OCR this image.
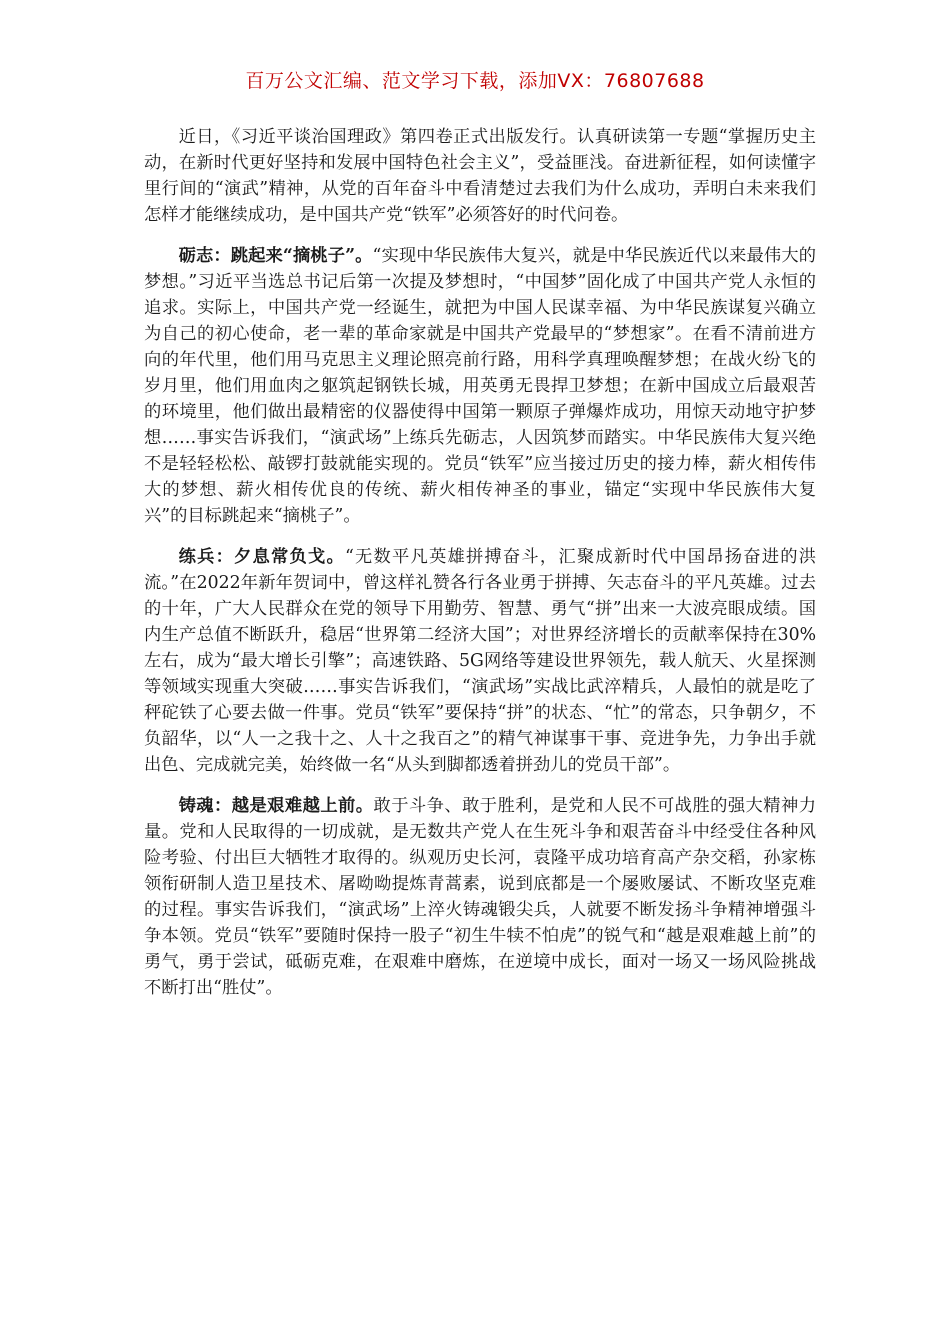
百万公文汇编、范文学习下载，添加VX：76807688

近日，《习近平谈治国理政》第四卷正式出版发行。认真研读第一专题“掌握历史主动，在新时代更好坚持和发展中国特色社会主义”，受益匪浅。奋进新征程，如何读懂字里行间的“演武”精神，从党的百年奋斗中看清楚过去我们为什么成功，弄明白未来我们怎样才能继续成功，是中国共产党“铁军”必须答好的时代问卷。

砺志：跳起来“摘桃子”。“实现中华民族伟大复兴，就是中华民族近代以来最伟大的梦想。”习近平当选总书记后第一次提及梦想时，“中国梦”固化成了中国共产党人永恒的追求。实际上，中国共产党一经诞生，就把为中国人民谋幸福、为中华民族谋复兴确立为自己的初心使命，老一辈的革命家就是中国共产党最早的“梦想家”。在看不清前进方向的年代里，他们用马克思主义理论照亮前行路，用科学真理唤醒梦想；在战火纷飞的岁月里，他们用血肉之躯筑起钢铁长城，用英勇无畏捍卫梦想；在新中国成立后最艰苦的环境里，他们做出最精密的仪器使得中国第一颗原子弹爆炸成功，用惊天动地守护梦想……事实告诉我们，“演武场”上练兵先砺志，人因筑梦而踏实。中华民族伟大复兴绝不是轻轻松松、敲锣打鼓就能实现的。党员“铁军”应当接过历史的接力棒，薪火相传伟大的梦想、薪火相传优良的传统、薪火相传神圣的事业，锚定“实现中华民族伟大复兴”的目标跳起来“摘桃子”。

练兵：夕息常负戈。“无数平凡英雄拼搏奋斗，汇聚成新时代中国昂扬奋进的洪流。”在2022年新年贺词中，曾这样礼赞各行各业勇于拼搏、矢志奋斗的平凡英雄。过去的十年，广大人民群众在党的领导下用勤劳、智慧、勇气“拼”出来一大波亮眼成绩。国内生产总值不断跃升，稳居“世界第二经济大国”；对世界经济增长的贡献率保持在30%左右，成为“最大增长引擎”；高速铁路、5G网络等建设世界领先，载人航天、火星探测等领域实现重大突破……事实告诉我们，“演武场”实战比武淬精兵，人最怕的就是吃了秤砣铁了心要去做一件事。党员“铁军”要保持“拼”的状态、“忙”的常态，只争朝夕，不负韶华，以“人一之我十之、人十之我百之”的精气神谋事干事、竞进争先，力争出手就出色、完成就完美，始终做一名“从头到脚都透着拼劲儿的党员干部”。

铸魂：越是艰难越上前。敢于斗争、敢于胜利，是党和人民不可战胜的强大精神力量。党和人民取得的一切成就，是无数共产党人在生死斗争和艰苦奋斗中经受住各种风险考验、付出巨大牺牲才取得的。纵观历史长河，袁隆平成功培育高产杂交稻，孙家栋领衔研制人造卫星技术、屠呦呦提炼青蒿素，说到底都是一个屡败屡试、不断攻坚克难的过程。事实告诉我们，“演武场”上淬火铸魂锻尖兵，人就要不断发扬斗争精神增强斗争本领。党员“铁军”要随时保持一股子“初生牛犊不怕虎”的锐气和“越是艰难越上前”的勇气，勇于尝试，砥砺克难，在艰难中磨炼，在逆境中成长，面对一场又一场风险挑战不断打出“胜仗”。
